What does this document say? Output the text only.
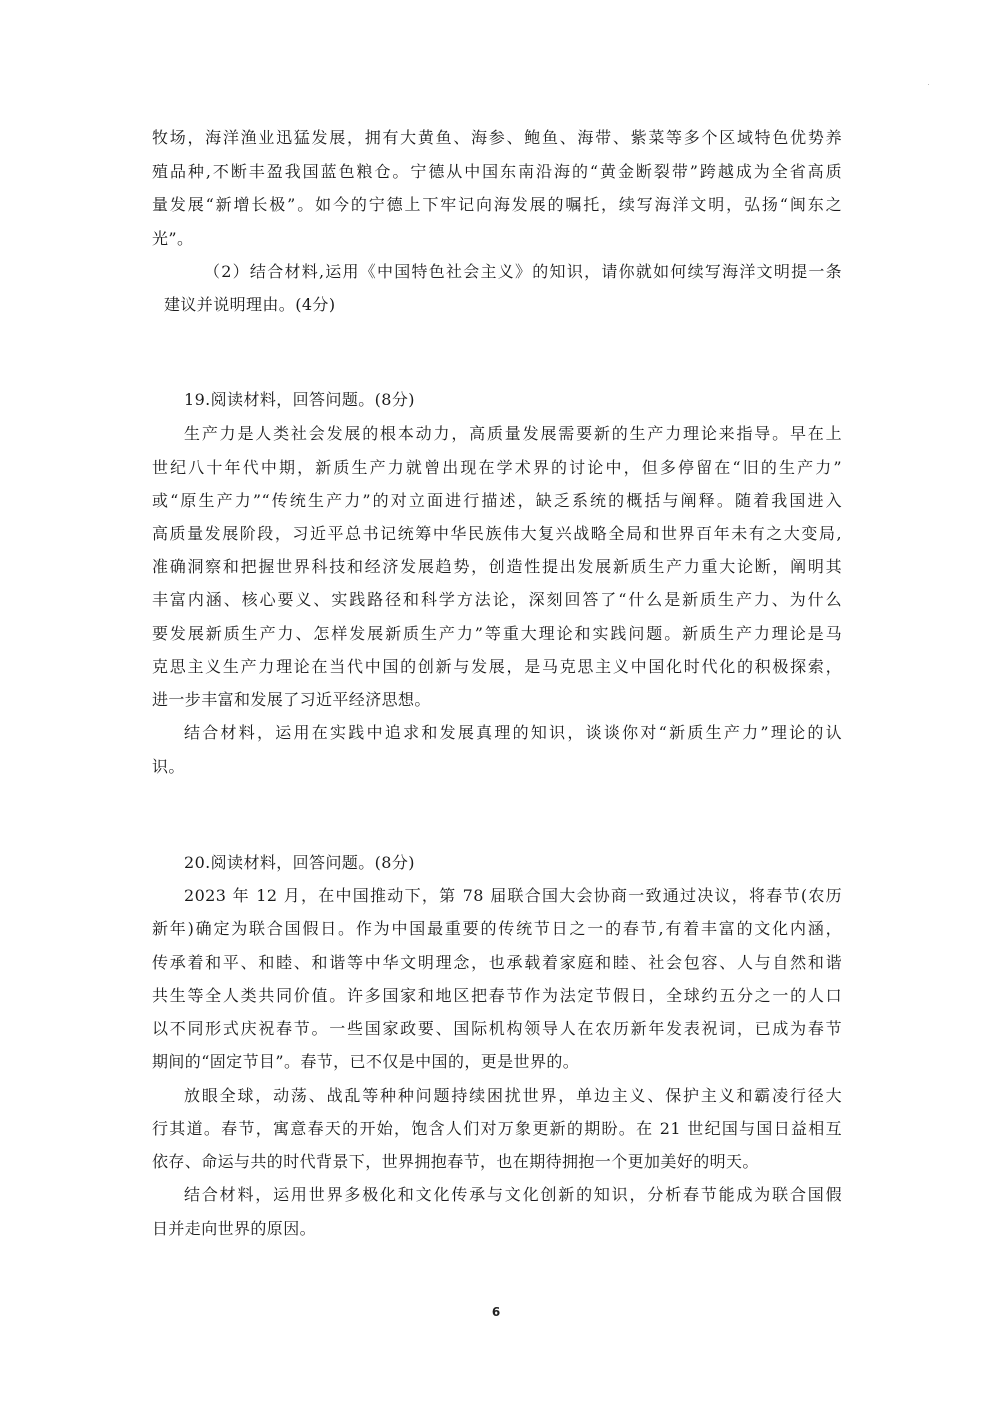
牧场，海洋渔业迅猛发展，拥有大黄鱼、海参、鲍鱼、海带、紫菜等多个区域特色优势养
殖品种,不断丰盈我国蓝色粮仓。宁德从中国东南沿海的“黄金断裂带”跨越成为全省高质
量发展“新增长极”。如今的宁德上下牢记向海发展的嘱托，续写海洋文明，弘扬“闽东之
光”。
（2）结合材料,运用《中国特色社会主义》的知识，请你就如何续写海洋文明提一条
建议并说明理由。(4分)
19.阅读材料，回答问题。(8分)
生产力是人类社会发展的根本动力，高质量发展需要新的生产力理论来指导。早在上
世纪八十年代中期，新质生产力就曾出现在学术界的讨论中，但多停留在“旧的生产力”
或“原生产力”“传统生产力”的对立面进行描述，缺乏系统的概括与阐释。随着我国进入
高质量发展阶段，习近平总书记统筹中华民族伟大复兴战略全局和世界百年未有之大变局,
准确洞察和把握世界科技和经济发展趋势，创造性提出发展新质生产力重大论断，阐明其
丰富内涵、核心要义、实践路径和科学方法论，深刻回答了“什么是新质生产力、为什么
要发展新质生产力、怎样发展新质生产力”等重大理论和实践问题。新质生产力理论是马
克思主义生产力理论在当代中国的创新与发展，是马克思主义中国化时代化的积极探索，
进一步丰富和发展了习近平经济思想。
结合材料，运用在实践中追求和发展真理的知识，谈谈你对“新质生产力”理论的认
识。
20.阅读材料，回答问题。(8分)
2023 年 12 月，在中国推动下，第 78 届联合国大会协商一致通过决议，将春节(农历
新年)确定为联合国假日。作为中国最重要的传统节日之一的春节,有着丰富的文化内涵，
传承着和平、和睦、和谐等中华文明理念，也承载着家庭和睦、社会包容、人与自然和谐
共生等全人类共同价值。许多国家和地区把春节作为法定节假日，全球约五分之一的人口
以不同形式庆祝春节。一些国家政要、国际机构领导人在农历新年发表祝词，已成为春节
期间的“固定节目”。春节，已不仅是中国的，更是世界的。
放眼全球，动荡、战乱等种种问题持续困扰世界，单边主义、保护主义和霸凌行径大
行其道。春节，寓意春天的开始，饱含人们对万象更新的期盼。在 21 世纪国与国日益相互
依存、命运与共的时代背景下，世界拥抱春节，也在期待拥抱一个更加美好的明天。
结合材料，运用世界多极化和文化传承与文化创新的知识，分析春节能成为联合国假
日并走向世界的原因。
6
